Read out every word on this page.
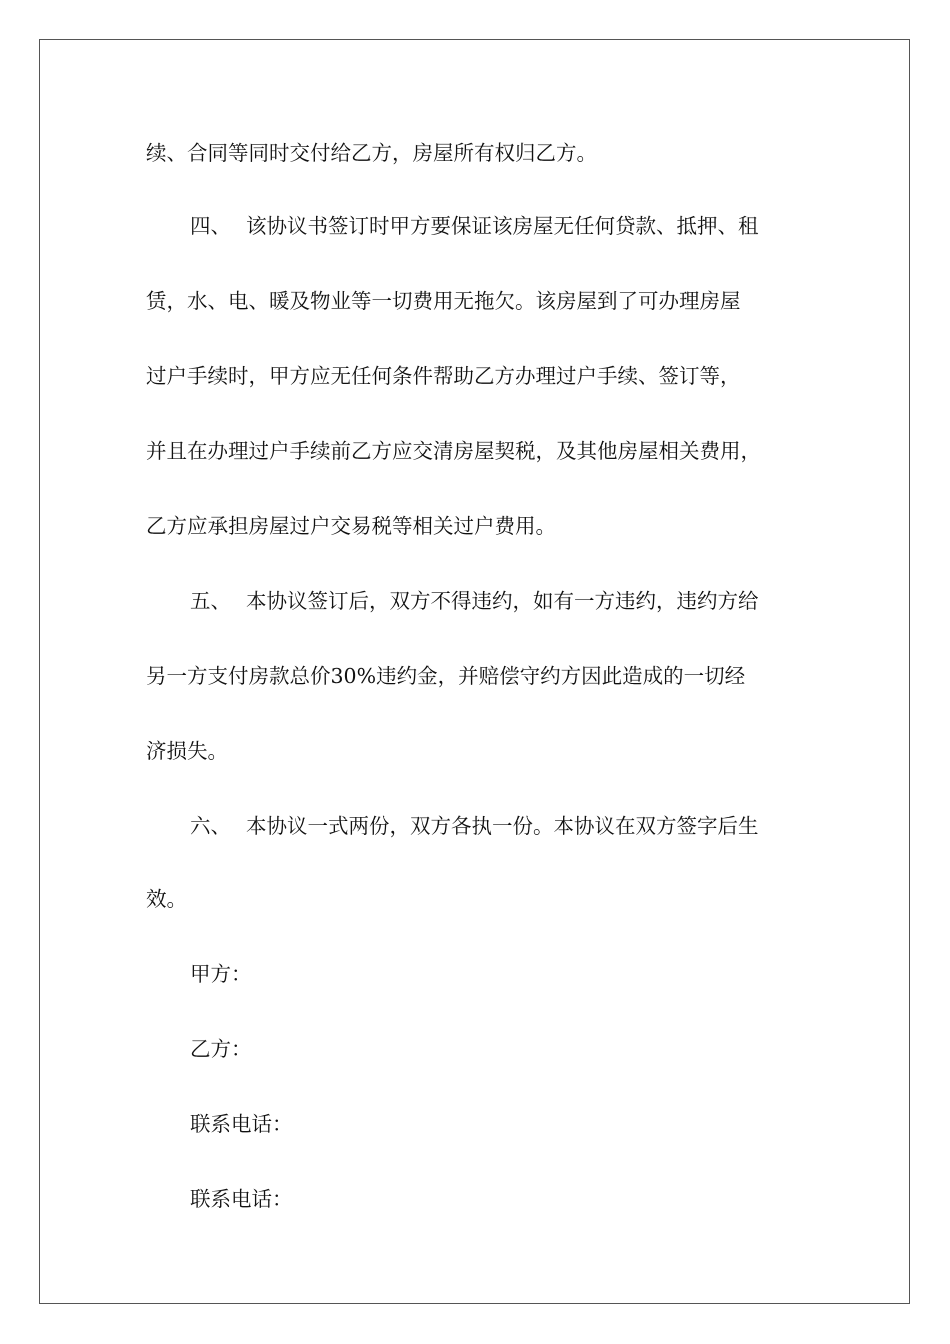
续、合同等同时交付给乙方，房屋所有权归乙方。
四、 该协议书签订时甲方要保证该房屋无任何贷款、抵押、租
赁，水、电、暖及物业等一切费用无拖欠。该房屋到了可办理房屋
过户手续时，甲方应无任何条件帮助乙方办理过户手续、签订等，
并且在办理过户手续前乙方应交清房屋契税，及其他房屋相关费用，
乙方应承担房屋过户交易税等相关过户费用。
五、 本协议签订后，双方不得违约，如有一方违约，违约方给
另一方支付房款总价30%违约金，并赔偿守约方因此造成的一切经
济损失。
六、 本协议一式两份，双方各执一份。本协议在双方签字后生
效。
甲方：
乙方：
联系电话：
联系电话：
